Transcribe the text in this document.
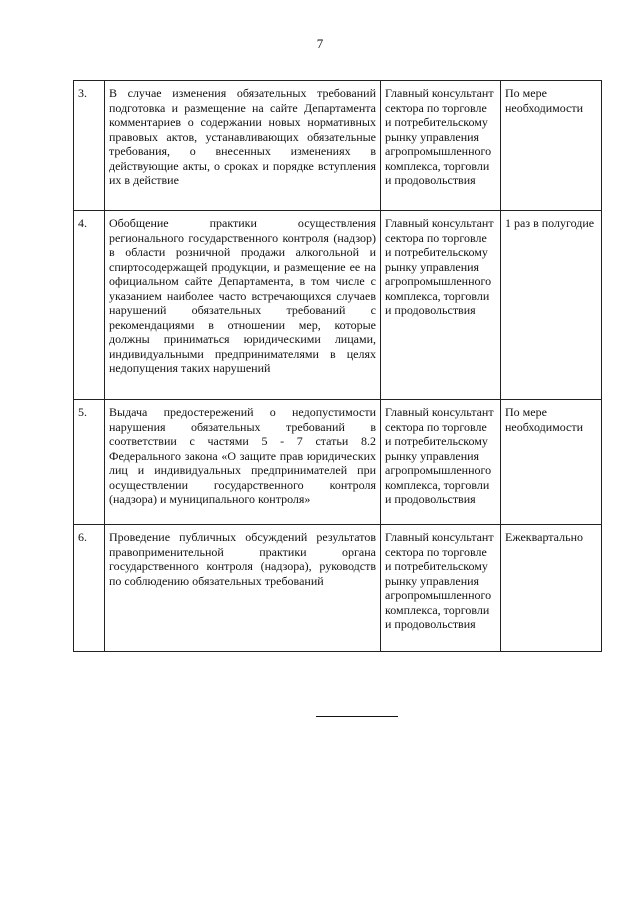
7
3.	В случае изменения обязательных требований подготовка и размещение на сайте Департамента комментариев о содержании новых нормативных правовых актов, устанавливающих обязательные требования, о внесенных изменениях в действующие акты, о сроках и порядке вступления их в действие	Главный консультант сектора по торговле и потребительскому рынку управления агропромышленного комплекса, торговли и продовольствия	По мере необходимости
4.	Обобщение практики осуществления регионального государственного контроля (надзор) в области розничной продажи алкогольной и спиртосодержащей продукции, и размещение ее на официальном сайте Департамента, в том числе с указанием наиболее часто встречающихся случаев нарушений обязательных требований с рекомендациями в отношении мер, которые должны приниматься юридическими лицами, индивидуальными предпринимателями в целях недопущения таких нарушений	Главный консультант сектора по торговле и потребительскому рынку управления агропромышленного комплекса, торговли и продовольствия	1 раз в полугодие
5.	Выдача предостережений о недопустимости нарушения обязательных требований в соответствии с частями 5 - 7 статьи 8.2 Федерального закона «О защите прав юридических лиц и индивидуальных предпринимателей при осуществлении государственного контроля (надзора) и муниципального контроля»	Главный консультант сектора по торговле и потребительскому рынку управления агропромышленного комплекса, торговли и продовольствия	По мере необходимости
6.	Проведение публичных обсуждений результатов правоприменительной практики органа государственного контроля (надзора), руководств по соблюдению обязательных требований	Главный консультант сектора по торговле и потребительскому рынку управления агропромышленного комплекса, торговли и продовольствия	Ежеквартально
